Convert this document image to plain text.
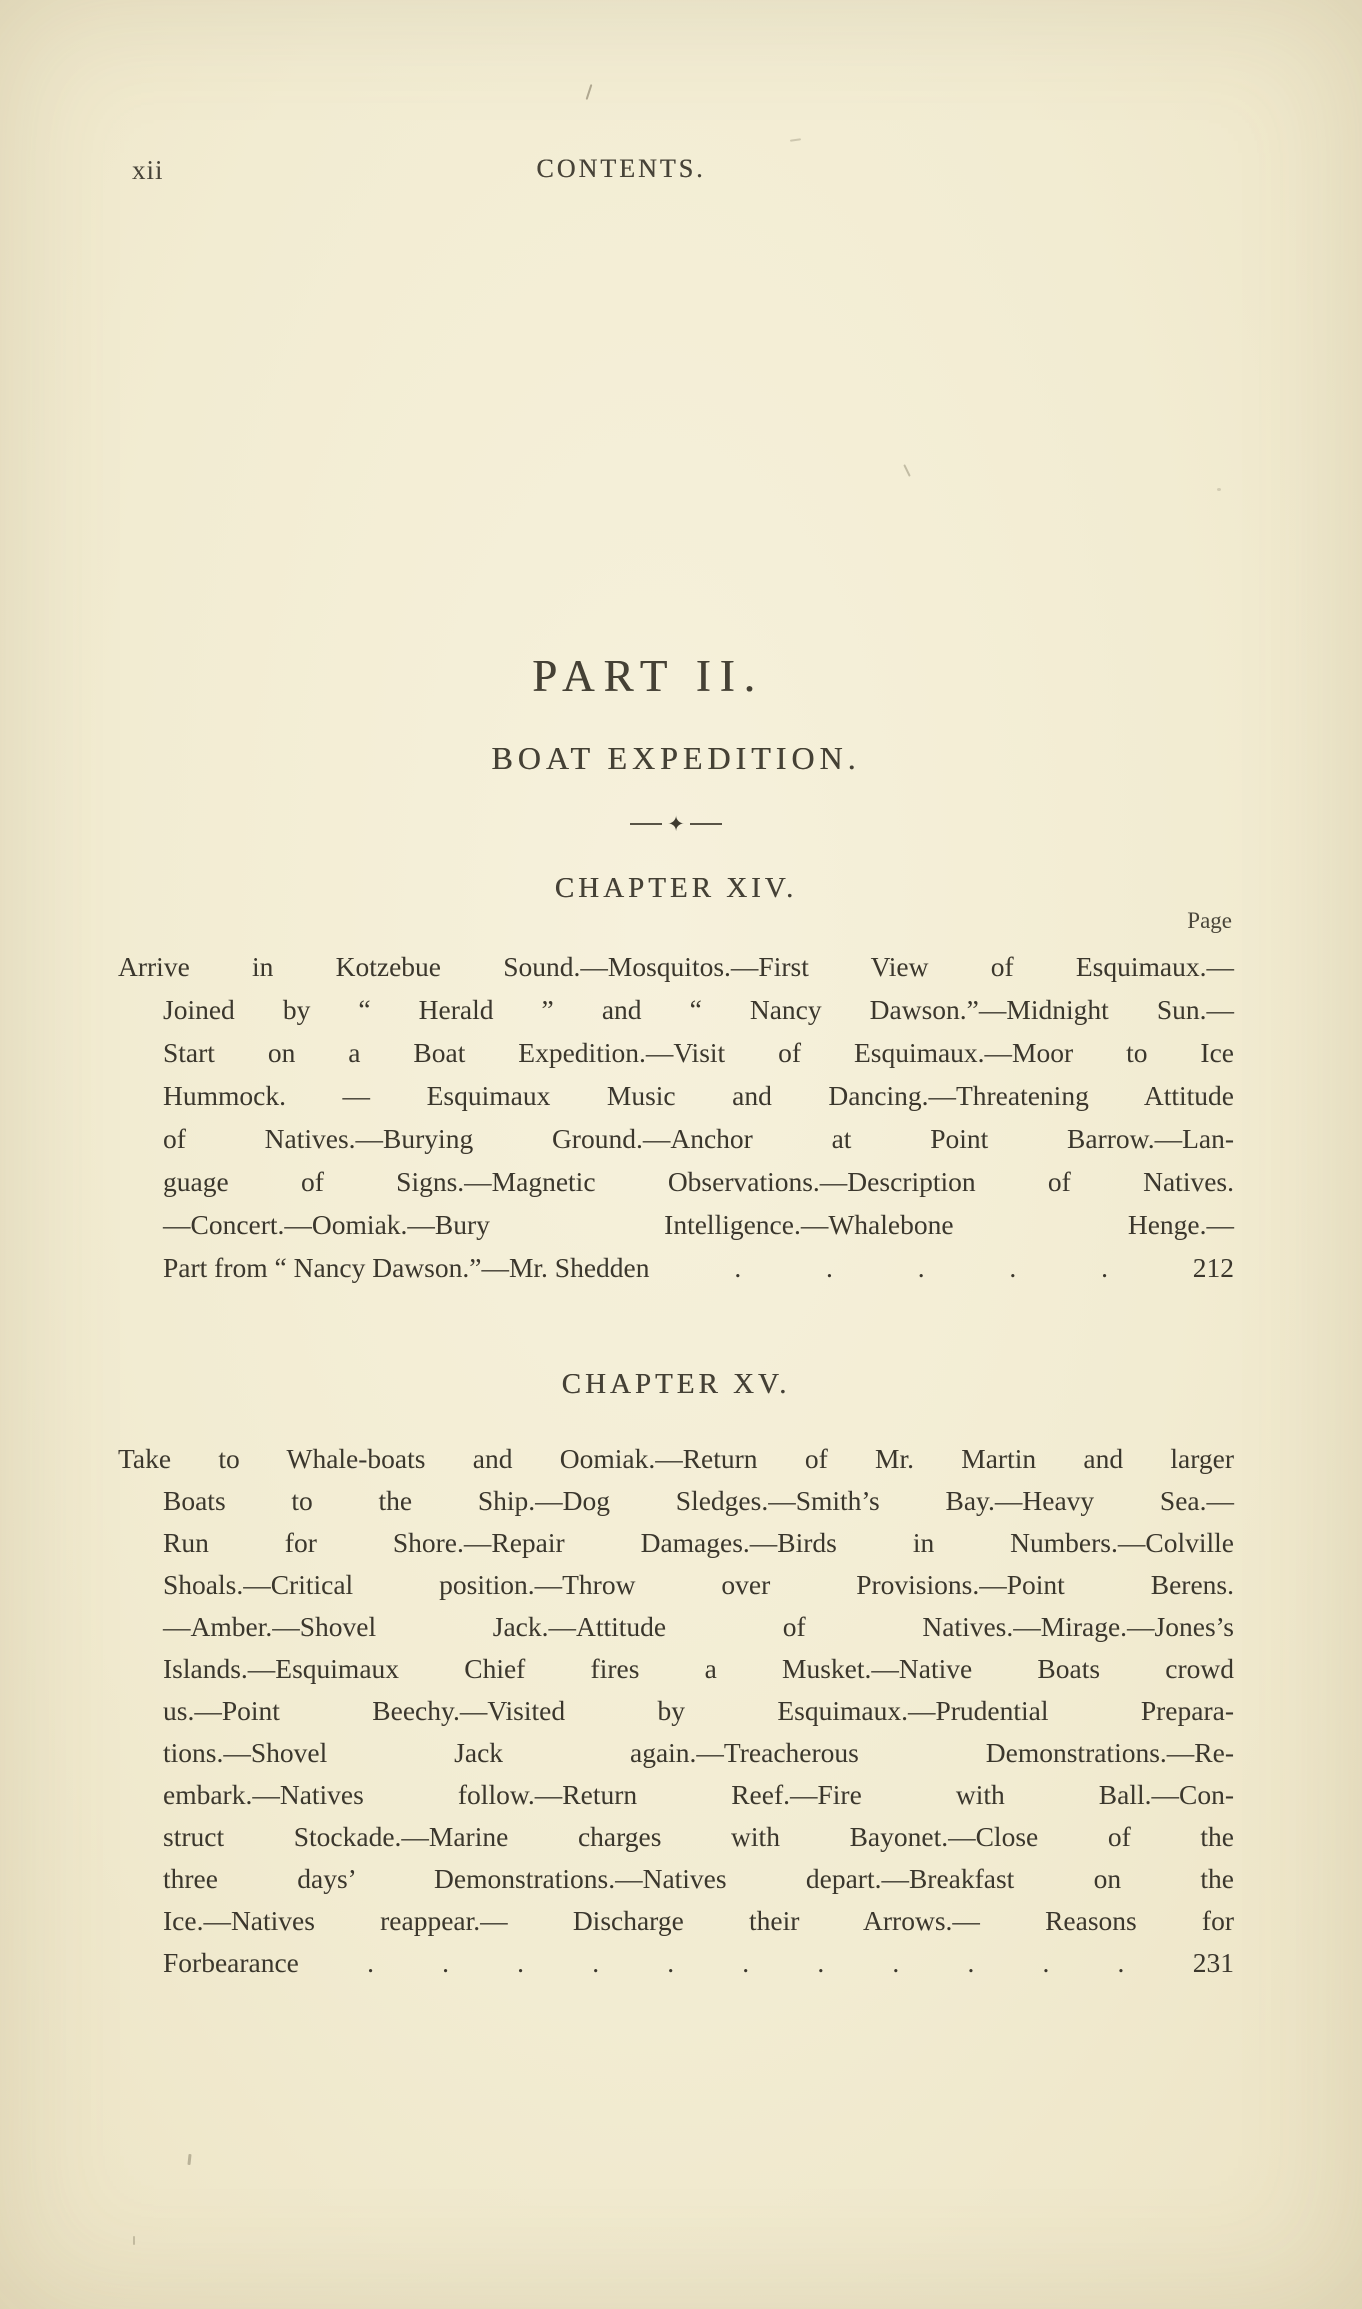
xii	CONTENTS.
PART II.
BOAT EXPEDITION.
✦
Page
CHAPTER XIV.
Arrive in Kotzebue Sound.—Mosquitos.—First View of Esquimaux.—
Joined by “ Herald ” and “ Nancy Dawson.”—Midnight Sun.—
Start on a Boat Expedition.—Visit of Esquimaux.—Moor to Ice
Hummock. — Esquimaux Music and Dancing.—Threatening Attitude
of Natives.—Burying Ground.—Anchor at Point Barrow.—Lan-
guage of Signs.—Magnetic Observations.—Description of Natives.
—Concert.—Oomiak.—Bury Intelligence.—Whalebone Henge.—
Part from “ Nancy Dawson.”—Mr. Shedden	.	.	.	.	.	212
CHAPTER XV.
Take to Whale-boats and Oomiak.—Return of Mr. Martin and larger
Boats to the Ship.—Dog Sledges.—Smith’s Bay.—Heavy Sea.—
Run for Shore.—Repair Damages.—Birds in Numbers.—Colville
Shoals.—Critical position.—Throw over Provisions.—Point Berens.
—Amber.—Shovel Jack.—Attitude of Natives.—Mirage.—Jones’s
Islands.—Esquimaux Chief fires a Musket.—Native Boats crowd
us.—Point Beechy.—Visited by Esquimaux.—Prudential Prepara-
tions.—Shovel Jack again.—Treacherous Demonstrations.—Re-
embark.—Natives follow.—Return Reef.—Fire with Ball.—Con-
struct Stockade.—Marine charges with Bayonet.—Close of the
three days’ Demonstrations.—Natives depart.—Breakfast on the
Ice.—Natives reappear.— Discharge their Arrows.— Reasons for
Forbearance . . . . . . . . . . . 231
